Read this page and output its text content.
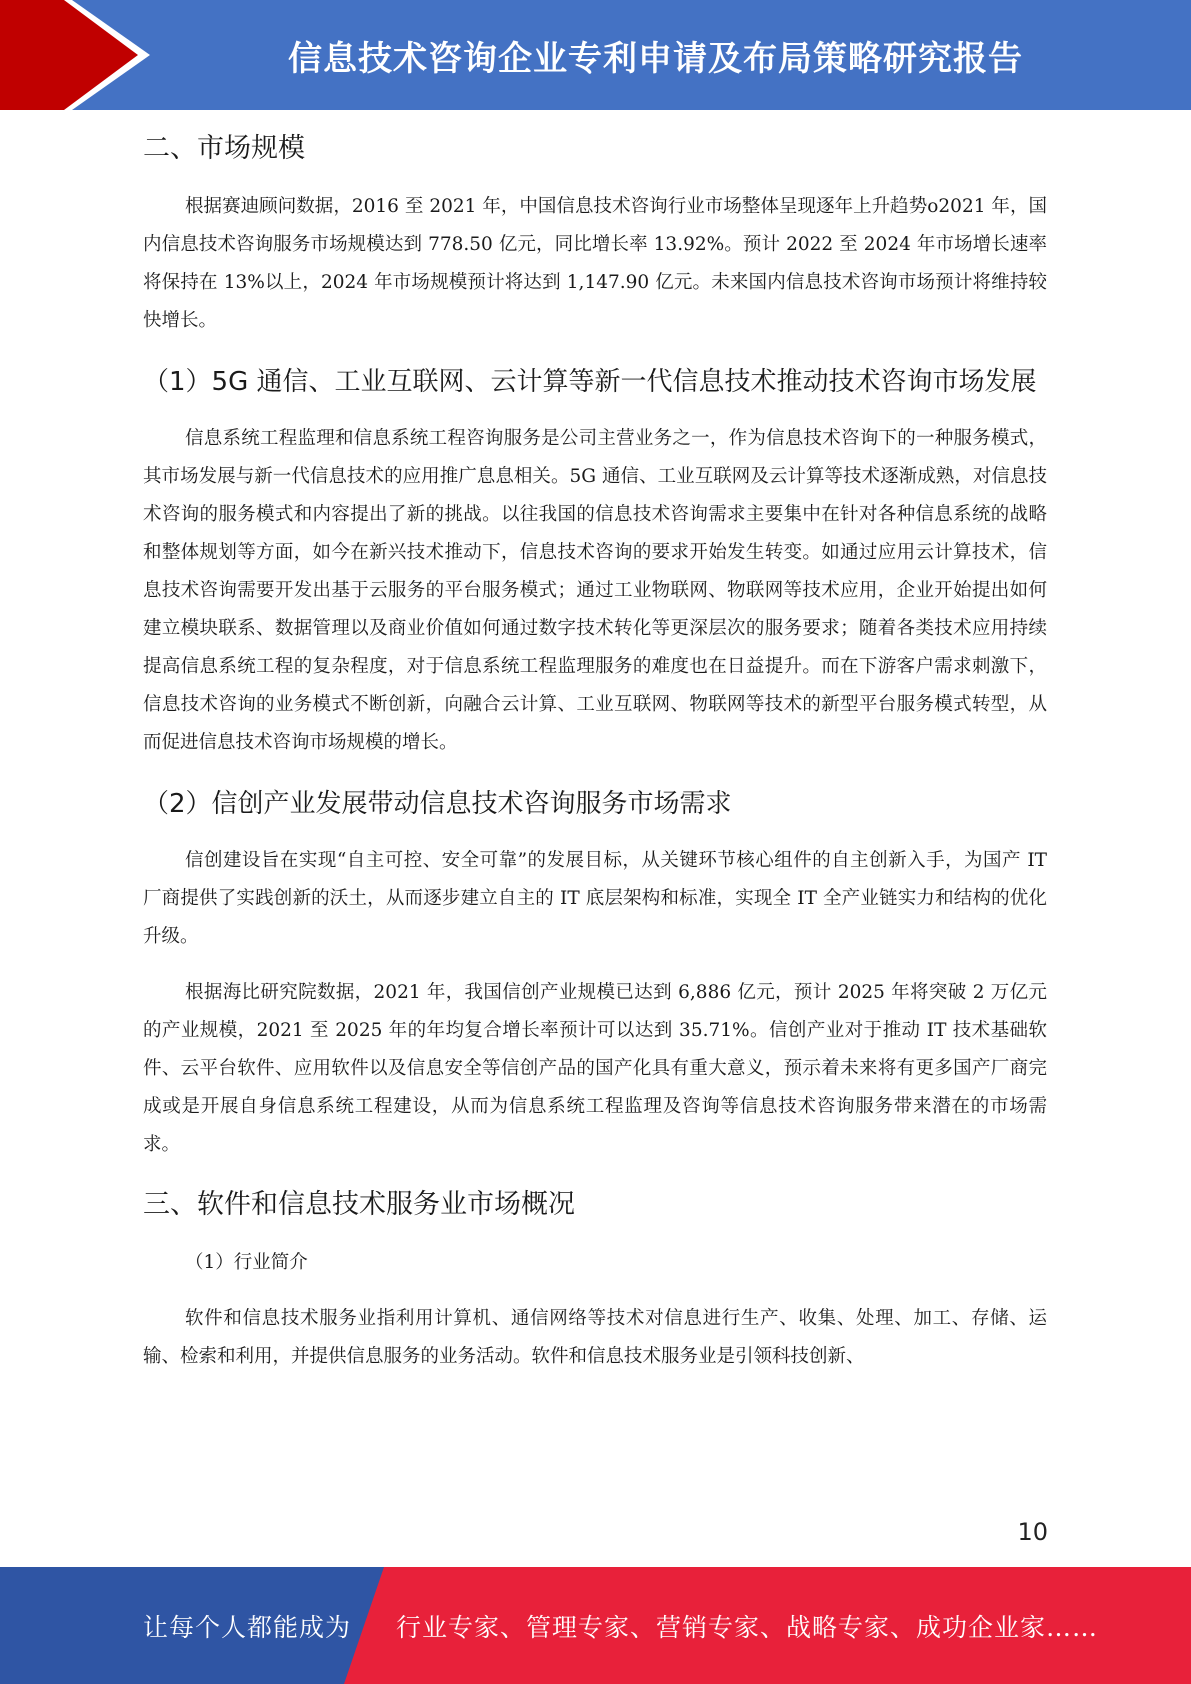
信息技术咨询企业专利申请及布局策略研究报告
二、市场规模

根据赛迪顾问数据，2016 至 2021 年，中国信息技术咨询行业市场整体呈现逐年上升趋势o2021 年，国内信息技术咨询服务市场规模达到 778.50 亿元，同比增长率 13.92%。预计 2022 至 2024 年市场增长速率将保持在 13%以上，2024 年市场规模预计将达到 1,147.90 亿元。未来国内信息技术咨询市场预计将维持较快增长。

（1）5G 通信、工业互联网、云计算等新一代信息技术推动技术咨询市场发展

信息系统工程监理和信息系统工程咨询服务是公司主营业务之一，作为信息技术咨询下的一种服务模式，其市场发展与新一代信息技术的应用推广息息相关。5G 通信、工业互联网及云计算等技术逐渐成熟，对信息技术咨询的服务模式和内容提出了新的挑战。以往我国的信息技术咨询需求主要集中在针对各种信息系统的战略和整体规划等方面，如今在新兴技术推动下，信息技术咨询的要求开始发生转变。如通过应用云计算技术，信息技术咨询需要开发出基于云服务的平台服务模式；通过工业物联网、物联网等技术应用，企业开始提出如何建立模块联系、数据管理以及商业价值如何通过数字技术转化等更深层次的服务要求；随着各类技术应用持续提高信息系统工程的复杂程度，对于信息系统工程监理服务的难度也在日益提升。而在下游客户需求刺激下，信息技术咨询的业务模式不断创新，向融合云计算、工业互联网、物联网等技术的新型平台服务模式转型，从而促进信息技术咨询市场规模的增长。

（2）信创产业发展带动信息技术咨询服务市场需求

信创建设旨在实现“自主可控、安全可靠”的发展目标，从关键环节核心组件的自主创新入手，为国产 IT 厂商提供了实践创新的沃土，从而逐步建立自主的 IT 底层架构和标准，实现全 IT 全产业链实力和结构的优化升级。

根据海比研究院数据，2021 年，我国信创产业规模已达到 6,886 亿元，预计 2025 年将突破 2 万亿元的产业规模，2021 至 2025 年的年均复合增长率预计可以达到 35.71%。信创产业对于推动 IT 技术基础软件、云平台软件、应用软件以及信息安全等信创产品的国产化具有重大意义，预示着未来将有更多国产厂商完成或是开展自身信息系统工程建设，从而为信息系统工程监理及咨询等信息技术咨询服务带来潜在的市场需求。

三、软件和信息技术服务业市场概况
（1）行业简介

软件和信息技术服务业指利用计算机、通信网络等技术对信息进行生产、收集、处理、加工、存储、运输、检索和利用，并提供信息服务的业务活动。软件和信息技术服务业是引领科技创新、

10
让每个人都能成为 行业专家、管理专家、营销专家、战略专家、成功企业家……
